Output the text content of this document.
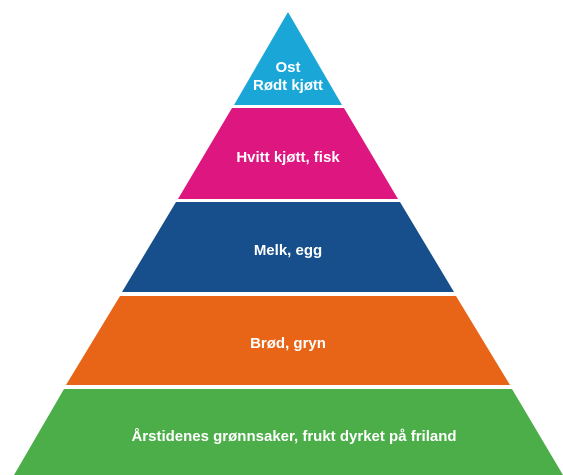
Ost
Rødt kjøtt
Hvitt kjøtt, fisk
Melk, egg
Brød, gryn
Årstidenes grønnsaker, frukt dyrket på friland
